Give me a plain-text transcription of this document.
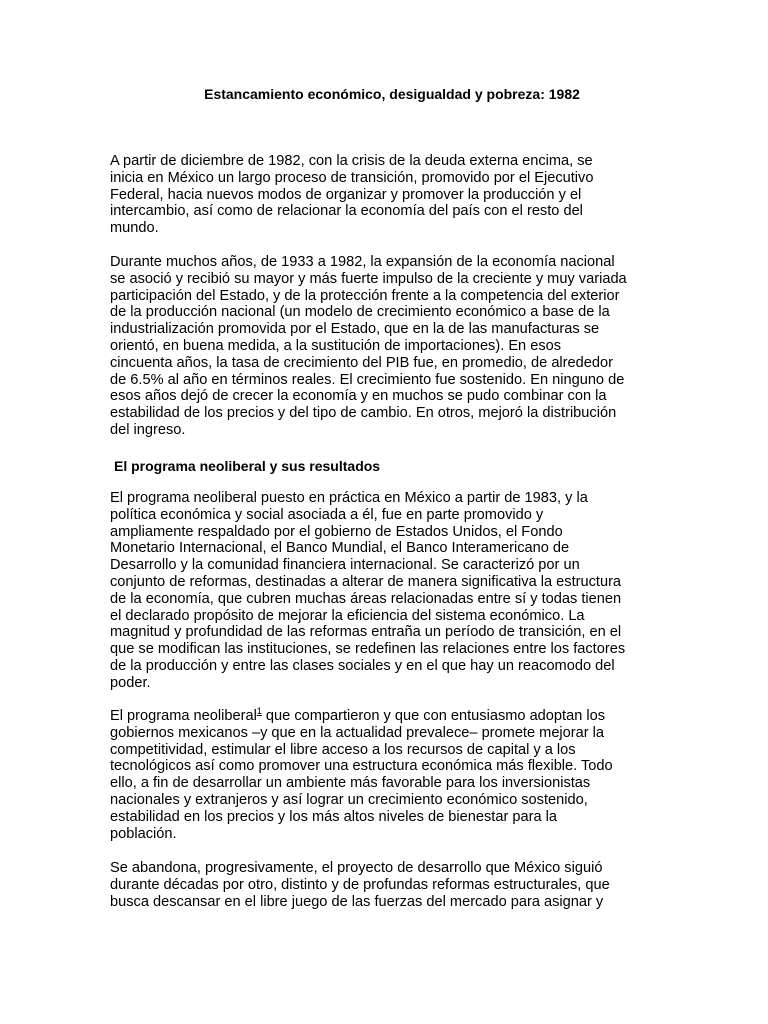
Estancamiento económico, desigualdad y pobreza: 1982

A partir de diciembre de 1982, con la crisis de la deuda externa encima, se
inicia en México un largo proceso de transición, promovido por el Ejecutivo
Federal, hacia nuevos modos de organizar y promover la producción y el
intercambio, así como de relacionar la economía del país con el resto del
mundo.

Durante muchos años, de 1933 a 1982, la expansión de la economía nacional
se asoció y recibió su mayor y más fuerte impulso de la creciente y muy variada
participación del Estado, y de la protección frente a la competencia del exterior
de la producción nacional (un modelo de crecimiento económico a base de la
industrialización promovida por el Estado, que en la de las manufacturas se
orientó, en buena medida, a la sustitución de importaciones). En esos
cincuenta años, la tasa de crecimiento del PIB fue, en promedio, de alrededor
de 6.5% al año en términos reales. El crecimiento fue sostenido. En ninguno de
esos años dejó de crecer la economía y en muchos se pudo combinar con la
estabilidad de los precios y del tipo de cambio. En otros, mejoró la distribución
del ingreso.

El programa neoliberal y sus resultados

El programa neoliberal puesto en práctica en México a partir de 1983, y la
política económica y social asociada a él, fue en parte promovido y
ampliamente respaldado por el gobierno de Estados Unidos, el Fondo
Monetario Internacional, el Banco Mundial, el Banco Interamericano de
Desarrollo y la comunidad financiera internacional. Se caracterizó por un
conjunto de reformas, destinadas a alterar de manera significativa la estructura
de la economía, que cubren muchas áreas relacionadas entre sí y todas tienen
el declarado propósito de mejorar la eficiencia del sistema económico. La
magnitud y profundidad de las reformas entraña un período de transición, en el
que se modifican las instituciones, se redefinen las relaciones entre los factores
de la producción y entre las clases sociales y en el que hay un reacomodo del
poder.

El programa neoliberal$^1$ que compartieron y que con entusiasmo adoptan los
gobiernos mexicanos –y que en la actualidad prevalece– promete mejorar la
competitividad, estimular el libre acceso a los recursos de capital y a los
tecnológicos así como promover una estructura económica más flexible. Todo
ello, a fin de desarrollar un ambiente más favorable para los inversionistas
nacionales y extranjeros y así lograr un crecimiento económico sostenido,
estabilidad en los precios y los más altos niveles de bienestar para la
población.

Se abandona, progresivamente, el proyecto de desarrollo que México siguió
durante décadas por otro, distinto y de profundas reformas estructurales, que
busca descansar en el libre juego de las fuerzas del mercado para asignar y
